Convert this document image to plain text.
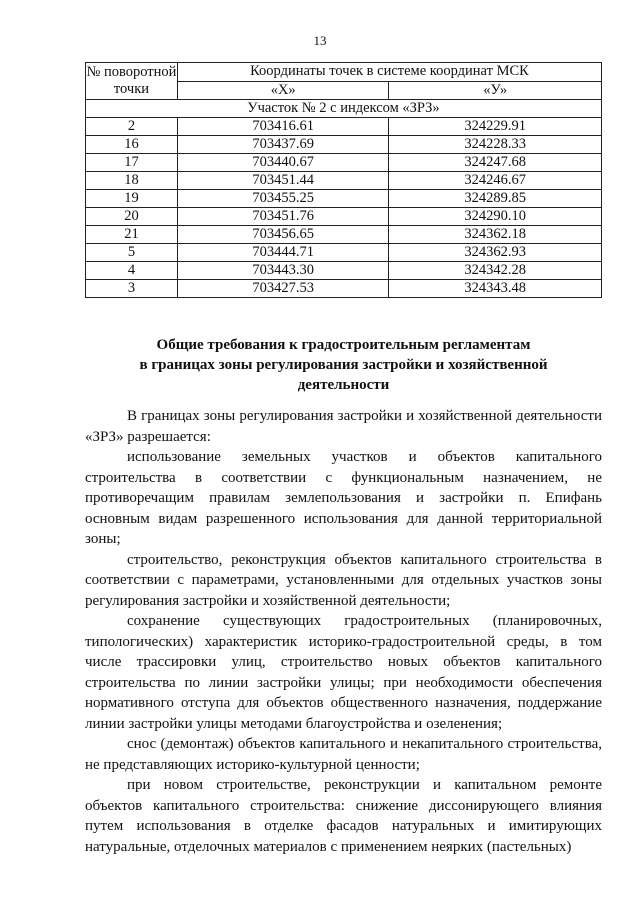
13
№ поворотной точки	Координаты точек в системе координат МСК	
	«Х»	«У»
Участок № 2 с индексом «ЗРЗ»		
2	703416.61	324229.91
16	703437.69	324228.33
17	703440.67	324247.68
18	703451.44	324246.67
19	703455.25	324289.85
20	703451.76	324290.10
21	703456.65	324362.18
5	703444.71	324362.93
4	703443.30	324342.28
3	703427.53	324343.48
Общие требования к градостроительным регламентам
в границах зоны регулирования застройки и хозяйственной
деятельности

В границах зоны регулирования застройки и хозяйственной деятельности «ЗРЗ» разрешается:

использование земельных участков и объектов капитального строительства в соответствии с функциональным назначением, не противоречащим правилам землепользования и застройки п. Епифань основным видам разрешенного использования для данной территориальной зоны;

строительство, реконструкция объектов капитального строительства в соответствии с параметрами, установленными для отдельных участков зоны регулирования застройки и хозяйственной деятельности;

сохранение существующих градостроительных (планировочных, типологических) характеристик историко-градостроительной среды, в том числе трассировки улиц, строительство новых объектов капитального строительства по линии застройки улицы; при необходимости обеспечения нормативного отступа для объектов общественного назначения, поддержание линии застройки улицы методами благоустройства и озеленения;

снос (демонтаж) объектов капитального и некапитального строительства, не представляющих историко-культурной ценности;

при новом строительстве, реконструкции и капитальном ремонте объектов капитального строительства: снижение диссонирующего влияния путем использования в отделке фасадов натуральных и имитирующих натуральные, отделочных материалов с применением неярких (пастельных)
